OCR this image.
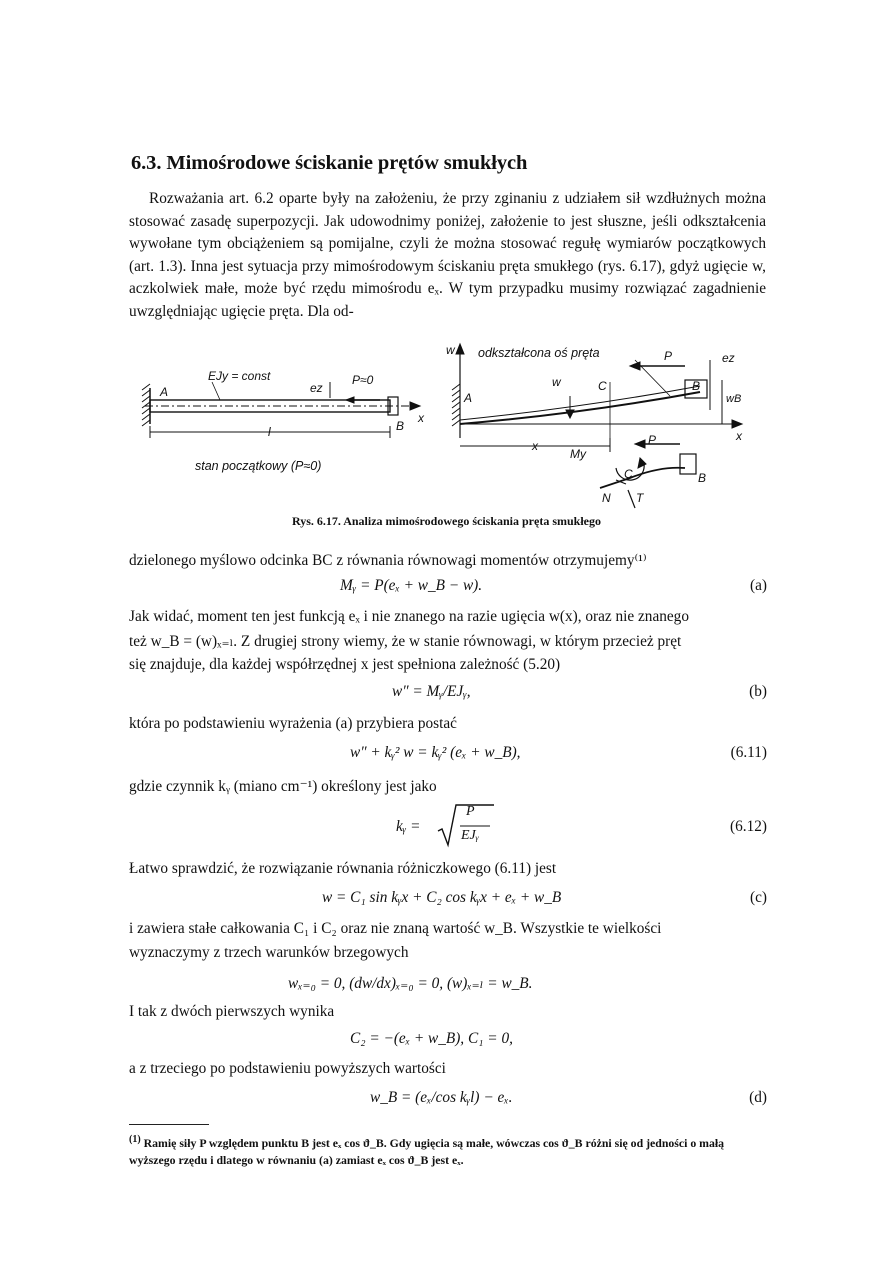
6.3. Mimośrodowe ściskanie prętów smukłych
Rozważania art. 6.2 oparte były na założeniu, że przy zginaniu z udziałem sił wzdłużnych można stosować zasadę superpozycji. Jak udowodnimy poniżej, założenie to jest słuszne, jeśli odkształcenia wywołane tym obciążeniem są pomijalne, czyli że można stosować regułę wymiarów początkowych (art. 1.3). Inna jest sytuacja przy mimośrodowym ściskaniu pręta smukłego (rys. 6.17), gdyż ugięcie w, aczkolwiek małe, może być rzędu mimośrodu eₓ. W tym przypadku musimy rozwiązać zagadnienie uwzględniając ugięcie pręta. Dla od-
EJy = const
A	ez
P≈0
x
B
l
stan początkowy (P≈0)
w odkształcona oś pręta	P	ez
A
w	C	B
wB
x
x	P
My
C	B
N T
Rys. 6.17. Analiza mimośrodowego ściskania pręta smukłego
dzielonego myślowo odcinka BC z równania równowagi momentów otrzymujemy⁽¹⁾
Mᵧ = P(eₓ + w_B − w).	(a)
Jak widać, moment ten jest funkcją eₓ i nie znanego na razie ugięcia w(x), oraz nie znanego
też w_B = (w)ₓ₌ₗ. Z drugiej strony wiemy, że w stanie równowagi, w którym przecież pręt
się znajduje, dla każdej współrzędnej x jest spełniona zależność (5.20)
w″ = Mᵧ/EJᵧ,	(b)
która po podstawieniu wyrażenia (a) przybiera postać
w″ + kᵧ² w = kᵧ² (eₓ + w_B),	(6.11)
gdzie czynnik kᵧ (miano cm⁻¹) określony jest jako
kᵧ =
P
EJᵧ
(6.12)
Łatwo sprawdzić, że rozwiązanie równania różniczkowego (6.11) jest
w = C₁ sin kᵧx + C₂ cos kᵧx + eₓ + w_B	(c)
i zawiera stałe całkowania C₁ i C₂ oraz nie znaną wartość w_B. Wszystkie te wielkości
wyznaczymy z trzech warunków brzegowych
wₓ₌₀ = 0, (dw/dx)ₓ₌₀ = 0, (w)ₓ₌ₗ = w_B.
I tak z dwóch pierwszych wynika
C₂ = −(eₓ + w_B), C₁ = 0,
a z trzeciego po podstawieniu powyższych wartości
w_B = (eₓ/cos kᵧl) − eₓ.	(d)
$^{(1)}$ Ramię siły P względem punktu B jest eₓ cos ϑ_B. Gdy ugięcia są małe, wówczas cos ϑ_B różni się od jedności o małą wyższego rzędu i dlatego w równaniu (a) zamiast eₓ cos ϑ_B jest eₓ.
